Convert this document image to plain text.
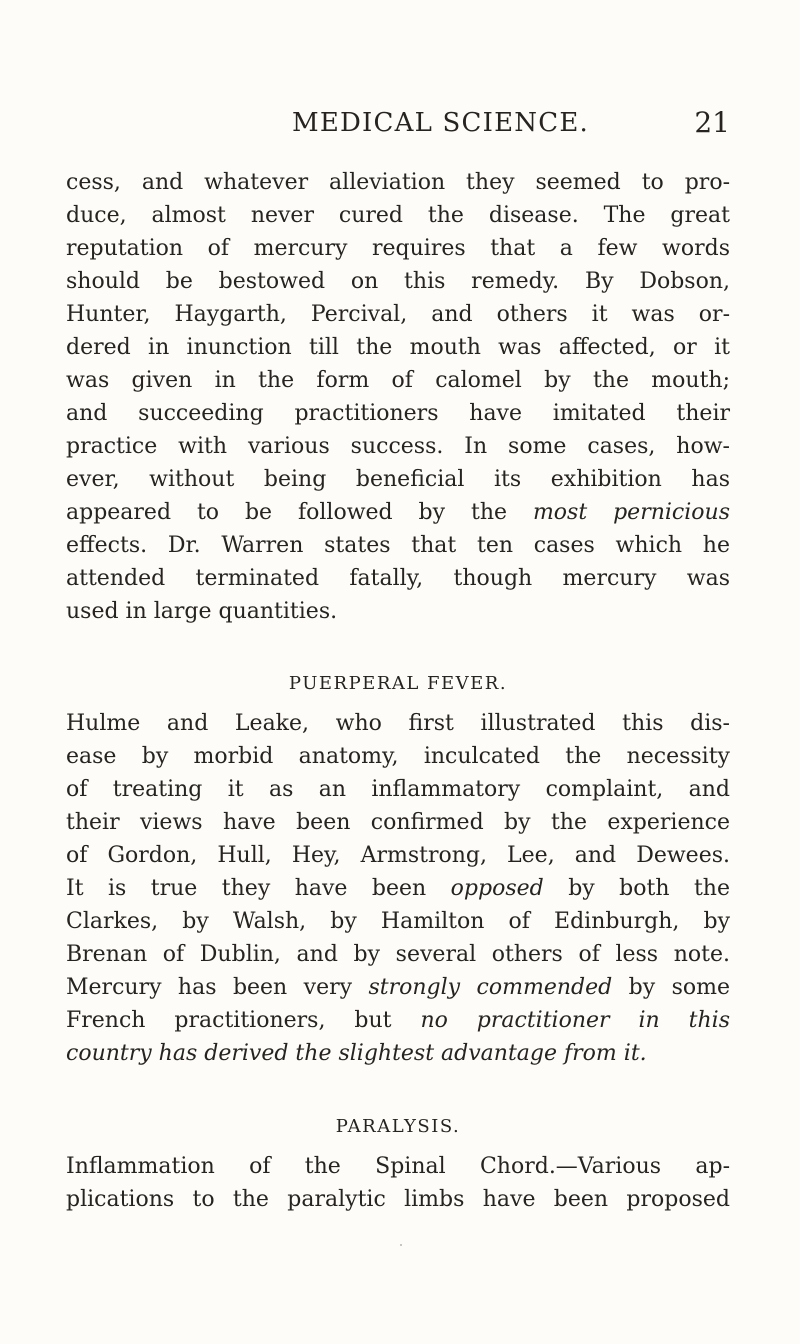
MEDICAL SCIENCE.	21
cess, and whatever alleviation they seemed to pro-
duce, almost never cured the disease. The great
reputation of mercury requires that a few words
should be bestowed on this remedy. By Dobson,
Hunter, Haygarth, Percival, and others it was or-
dered in inunction till the mouth was affected, or it
was given in the form of calomel by the mouth;
and succeeding practitioners have imitated their
practice with various success. In some cases, how-
ever, without being beneficial its exhibition has
appeared to be followed by the most pernicious
effects. Dr. Warren states that ten cases which he
attended terminated fatally, though mercury was
used in large quantities.
PUERPERAL FEVER.
Hulme and Leake, who first illustrated this dis-
ease by morbid anatomy, inculcated the necessity
of treating it as an inflammatory complaint, and
their views have been confirmed by the experience
of Gordon, Hull, Hey, Armstrong, Lee, and Dewees.
It is true they have been opposed by both the
Clarkes, by Walsh, by Hamilton of Edinburgh, by
Brenan of Dublin, and by several others of less note.
Mercury has been very strongly commended by some
French practitioners, but no practitioner in this
country has derived the slightest advantage from it.
PARALYSIS.
Inflammation of the Spinal Chord.—Various ap-
plications to the paralytic limbs have been proposed
